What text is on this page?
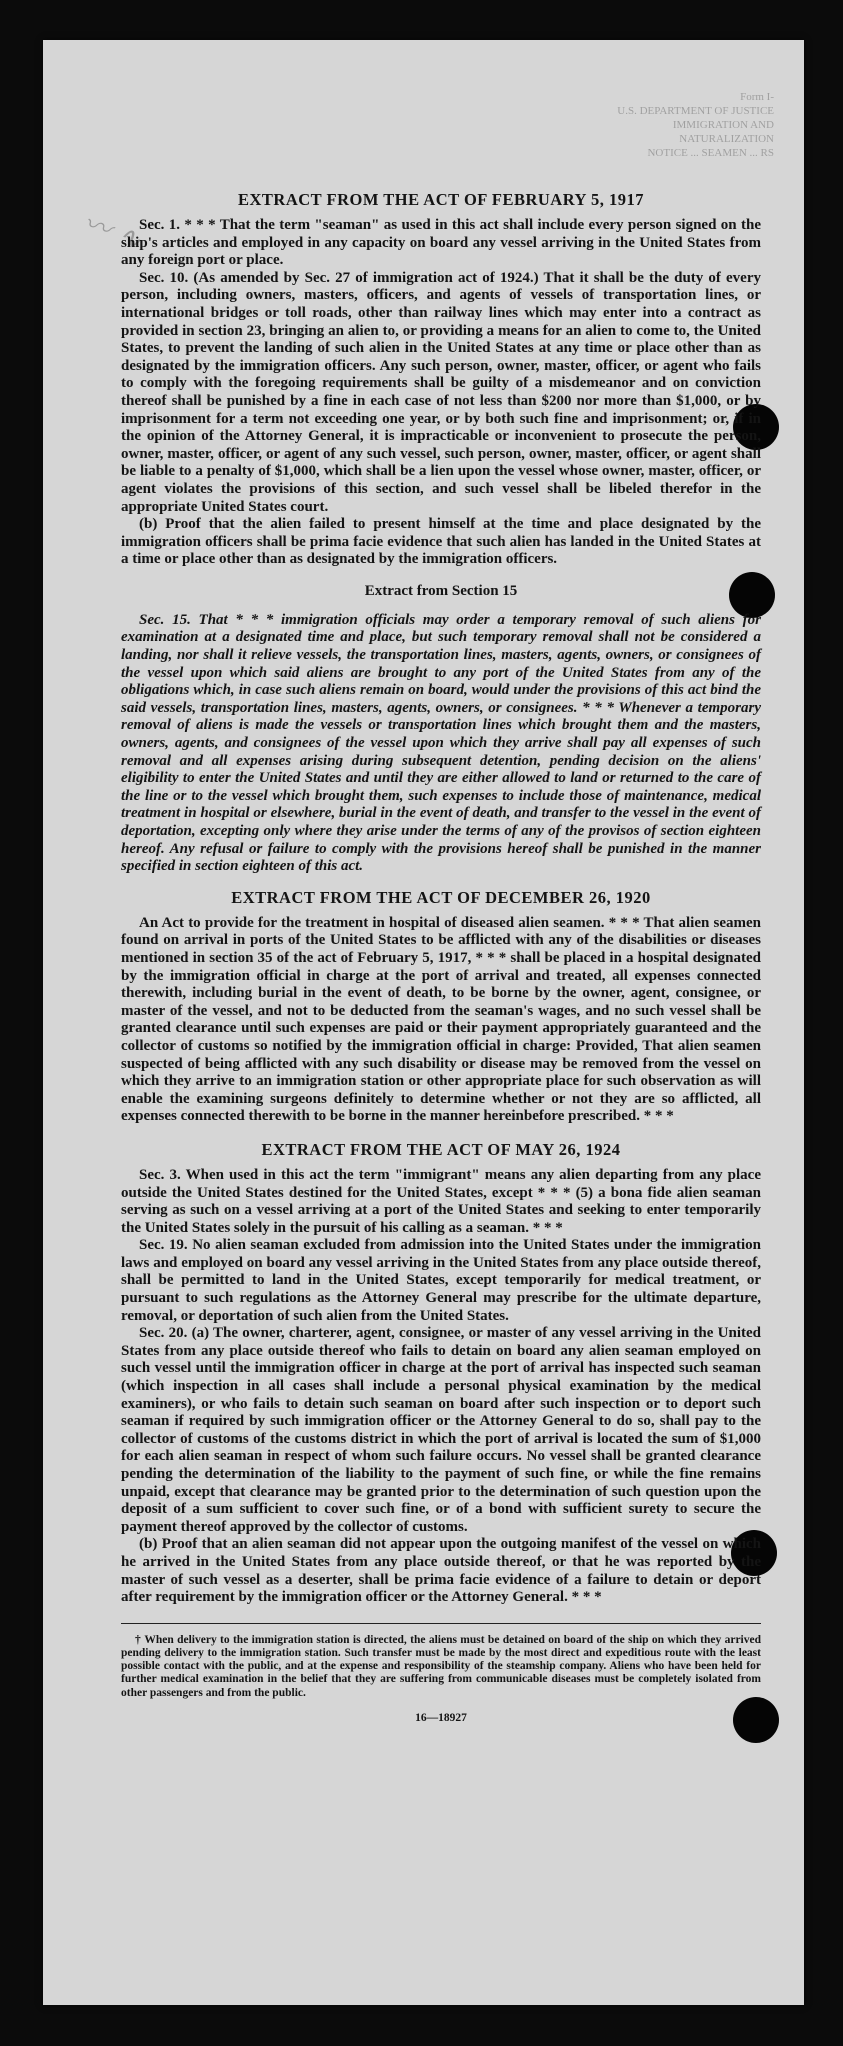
Form I-
U.S. DEPARTMENT OF JUSTICE
IMMIGRATION AND NATURALIZATION
NOTICE ... SEAMEN ... RS
〰 ∿
EXTRACT FROM THE ACT OF FEBRUARY 5, 1917

Sec. 1. * * * That the term "seaman" as used in this act shall include every person signed on the ship's articles and employed in any capacity on board any vessel arriving in the United States from any foreign port or place.

Sec. 10. (As amended by Sec. 27 of immigration act of 1924.) That it shall be the duty of every person, including owners, masters, officers, and agents of vessels of transportation lines, or international bridges or toll roads, other than railway lines which may enter into a contract as provided in section 23, bringing an alien to, or providing a means for an alien to come to, the United States, to prevent the landing of such alien in the United States at any time or place other than as designated by the immigration officers. Any such person, owner, master, officer, or agent who fails to comply with the foregoing requirements shall be guilty of a misdemeanor and on conviction thereof shall be punished by a fine in each case of not less than $200 nor more than $1,000, or by imprisonment for a term not exceeding one year, or by both such fine and imprisonment; or, if in the opinion of the Attorney General, it is impracticable or inconvenient to prosecute the person, owner, master, officer, or agent of any such vessel, such person, owner, master, officer, or agent shall be liable to a penalty of $1,000, which shall be a lien upon the vessel whose owner, master, officer, or agent violates the provisions of this section, and such vessel shall be libeled therefor in the appropriate United States court.

(b) Proof that the alien failed to present himself at the time and place designated by the immigration officers shall be prima facie evidence that such alien has landed in the United States at a time or place other than as designated by the immigration officers.

Extract from Section 15

Sec. 15. That * * * immigration officials may order a temporary removal of such aliens for examination at a designated time and place, but such temporary removal shall not be considered a landing, nor shall it relieve vessels, the transportation lines, masters, agents, owners, or consignees of the vessel upon which said aliens are brought to any port of the United States from any of the obligations which, in case such aliens remain on board, would under the provisions of this act bind the said vessels, transportation lines, masters, agents, owners, or consignees. * * * Whenever a temporary removal of aliens is made the vessels or transportation lines which brought them and the masters, owners, agents, and consignees of the vessel upon which they arrive shall pay all expenses of such removal and all expenses arising during subsequent detention, pending decision on the aliens' eligibility to enter the United States and until they are either allowed to land or returned to the care of the line or to the vessel which brought them, such expenses to include those of maintenance, medical treatment in hospital or elsewhere, burial in the event of death, and transfer to the vessel in the event of deportation, excepting only where they arise under the terms of any of the provisos of section eighteen hereof. Any refusal or failure to comply with the provisions hereof shall be punished in the manner specified in section eighteen of this act.

EXTRACT FROM THE ACT OF DECEMBER 26, 1920

An Act to provide for the treatment in hospital of diseased alien seamen. * * * That alien seamen found on arrival in ports of the United States to be afflicted with any of the disabilities or diseases mentioned in section 35 of the act of February 5, 1917, * * * shall be placed in a hospital designated by the immigration official in charge at the port of arrival and treated, all expenses connected therewith, including burial in the event of death, to be borne by the owner, agent, consignee, or master of the vessel, and not to be deducted from the seaman's wages, and no such vessel shall be granted clearance until such expenses are paid or their payment appropriately guaranteed and the collector of customs so notified by the immigration official in charge: Provided, That alien seamen suspected of being afflicted with any such disability or disease may be removed from the vessel on which they arrive to an immigration station or other appropriate place for such observation as will enable the examining surgeons definitely to determine whether or not they are so afflicted, all expenses connected therewith to be borne in the manner hereinbefore prescribed. * * *

EXTRACT FROM THE ACT OF MAY 26, 1924

Sec. 3. When used in this act the term "immigrant" means any alien departing from any place outside the United States destined for the United States, except * * * (5) a bona fide alien seaman serving as such on a vessel arriving at a port of the United States and seeking to enter temporarily the United States solely in the pursuit of his calling as a seaman. * * *

Sec. 19. No alien seaman excluded from admission into the United States under the immigration laws and employed on board any vessel arriving in the United States from any place outside thereof, shall be permitted to land in the United States, except temporarily for medical treatment, or pursuant to such regulations as the Attorney General may prescribe for the ultimate departure, removal, or deportation of such alien from the United States.

Sec. 20. (a) The owner, charterer, agent, consignee, or master of any vessel arriving in the United States from any place outside thereof who fails to detain on board any alien seaman employed on such vessel until the immigration officer in charge at the port of arrival has inspected such seaman (which inspection in all cases shall include a personal physical examination by the medical examiners), or who fails to detain such seaman on board after such inspection or to deport such seaman if required by such immigration officer or the Attorney General to do so, shall pay to the collector of customs of the customs district in which the port of arrival is located the sum of $1,000 for each alien seaman in respect of whom such failure occurs. No vessel shall be granted clearance pending the determination of the liability to the payment of such fine, or while the fine remains unpaid, except that clearance may be granted prior to the determination of such question upon the deposit of a sum sufficient to cover such fine, or of a bond with sufficient surety to secure the payment thereof approved by the collector of customs.

(b) Proof that an alien seaman did not appear upon the outgoing manifest of the vessel on which he arrived in the United States from any place outside thereof, or that he was reported by the master of such vessel as a deserter, shall be prima facie evidence of a failure to detain or deport after requirement by the immigration officer or the Attorney General. * * *

† When delivery to the immigration station is directed, the aliens must be detained on board of the ship on which they arrived pending delivery to the immigration station. Such transfer must be made by the most direct and expeditious route with the least possible contact with the public, and at the expense and responsibility of the steamship company. Aliens who have been held for further medical examination in the belief that they are suffering from communicable diseases must be completely isolated from other passengers and from the public.

16—18927
